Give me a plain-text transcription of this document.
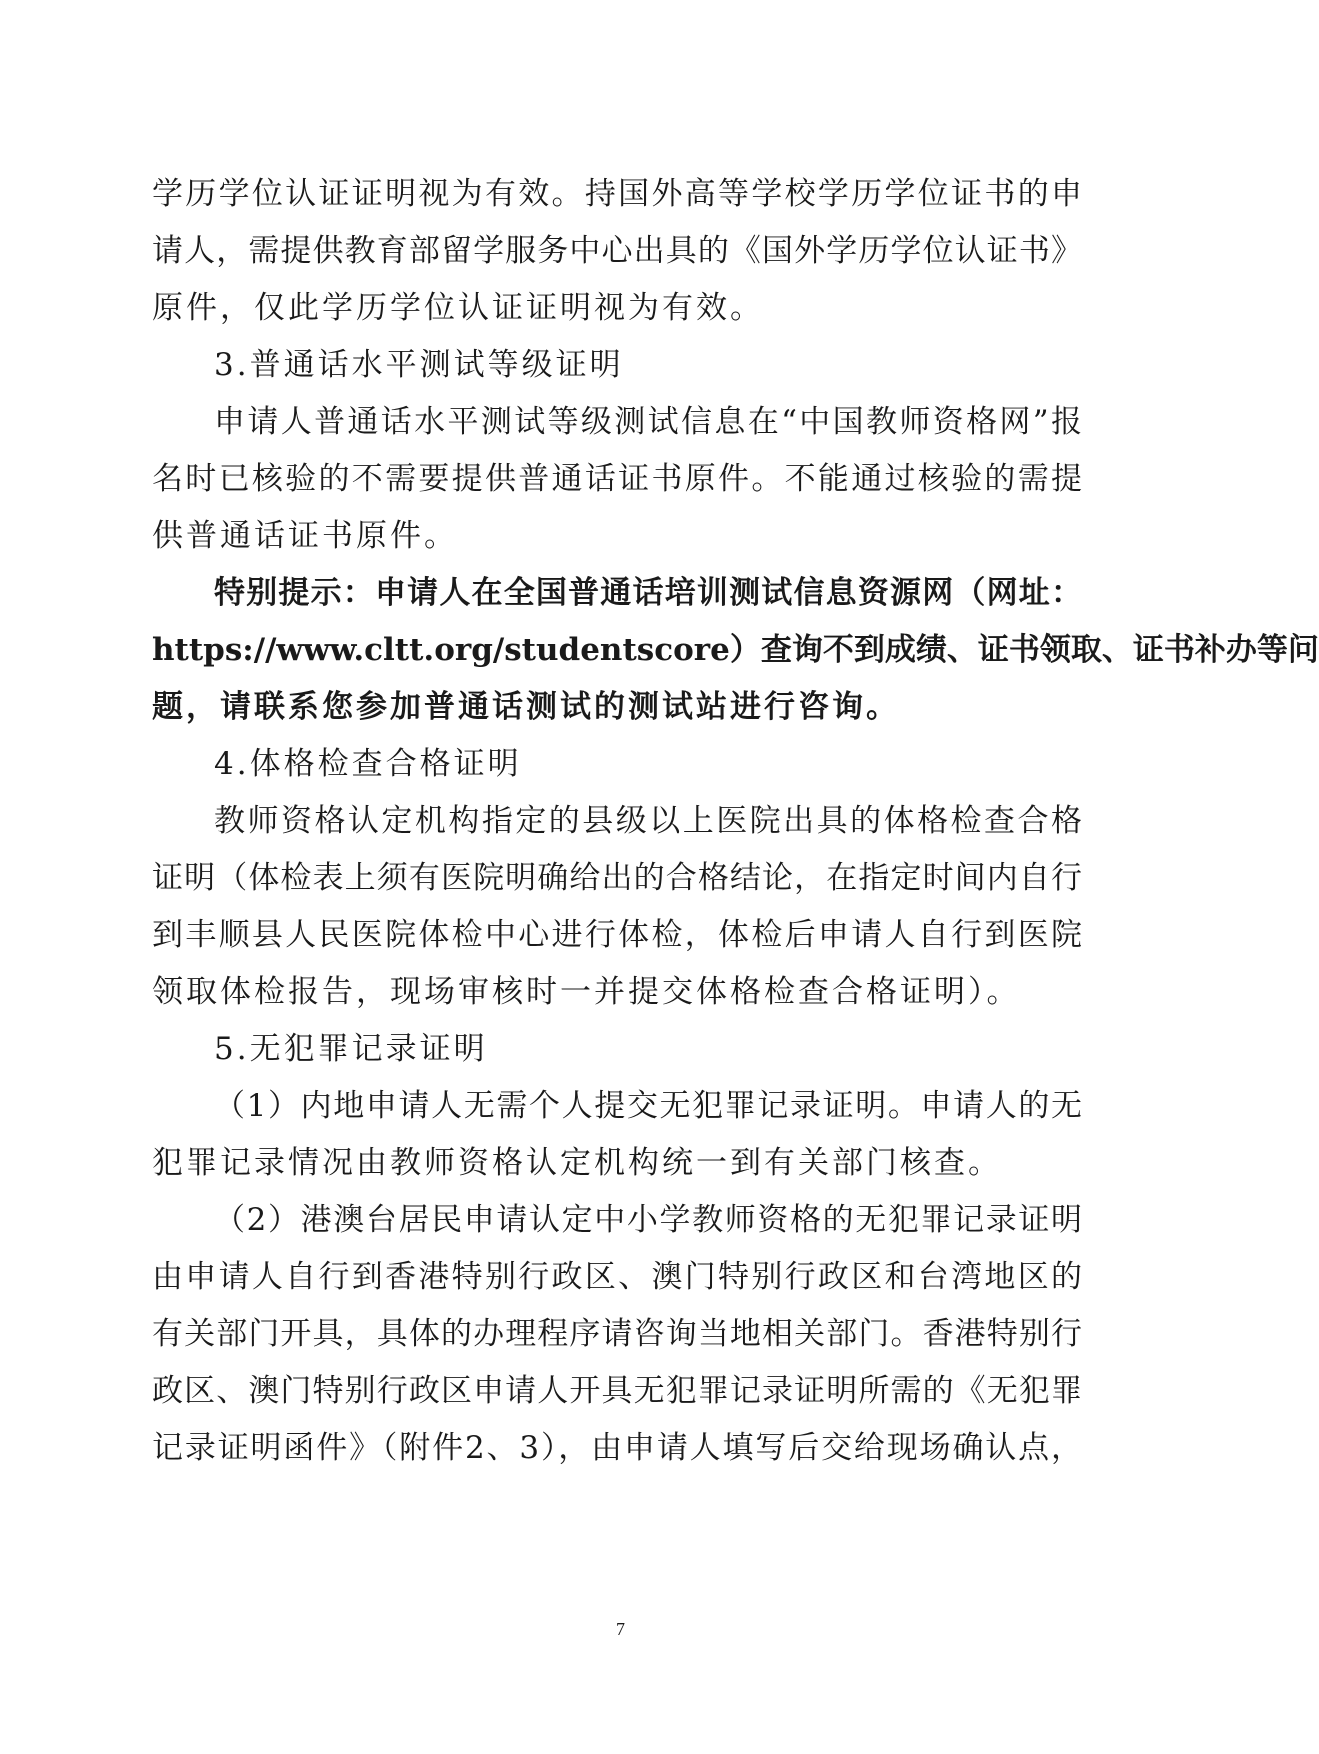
学历学位认证证明视为有效。持国外高等学校学历学位证书的申
请人，需提供教育部留学服务中心出具的《国外学历学位认证书》
原件，仅此学历学位认证证明视为有效。
3.普通话水平测试等级证明
申请人普通话水平测试等级测试信息在“中国教师资格网”报
名时已核验的不需要提供普通话证书原件。不能通过核验的需提
供普通话证书原件。
特别提示：申请人在全国普通话培训测试信息资源网（网址：
https://www.cltt.org/studentscore）查询不到成绩、证书领取、证书补办等问
题，请联系您参加普通话测试的测试站进行咨询。
4.体格检查合格证明
教师资格认定机构指定的县级以上医院出具的体格检查合格
证明（体检表上须有医院明确给出的合格结论，在指定时间内自行
到丰顺县人民医院体检中心进行体检，体检后申请人自行到医院
领取体检报告，现场审核时一并提交体格检查合格证明）。
5.无犯罪记录证明
（1）内地申请人无需个人提交无犯罪记录证明。申请人的无
犯罪记录情况由教师资格认定机构统一到有关部门核查。
（2）港澳台居民申请认定中小学教师资格的无犯罪记录证明
由申请人自行到香港特别行政区、澳门特别行政区和台湾地区的
有关部门开具，具体的办理程序请咨询当地相关部门。香港特别行
政区、澳门特别行政区申请人开具无犯罪记录证明所需的《无犯罪
记录证明函件》（附件2、3），由申请人填写后交给现场确认点，
7
